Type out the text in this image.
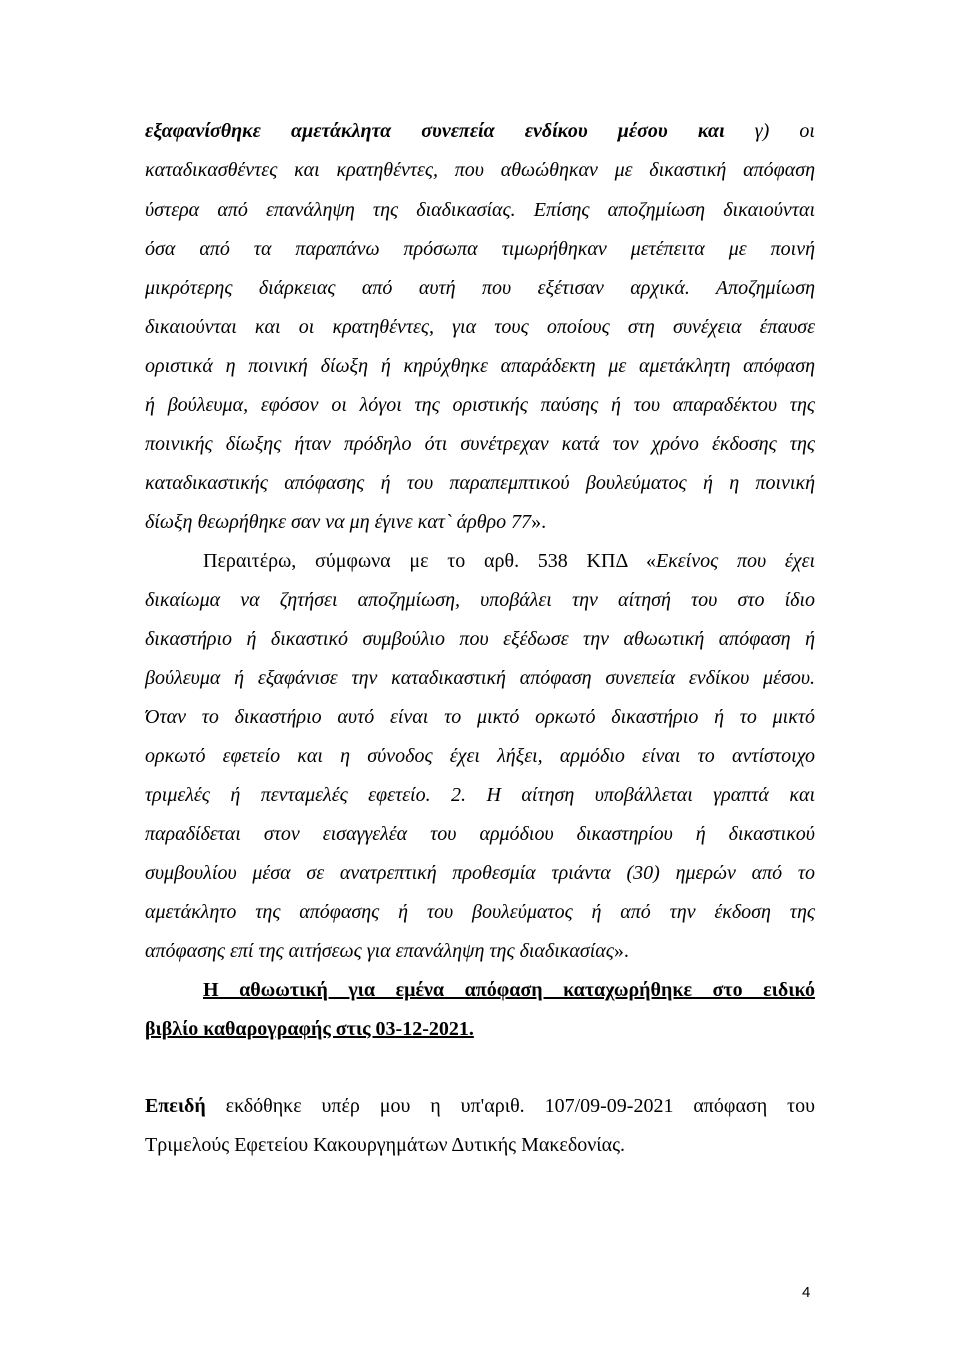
εξαφανίσθηκε αμετάκλητα συνεπεία ενδίκου μέσου και γ) οι
καταδικασθέντες και κρατηθέντες, που αθωώθηκαν με δικαστική απόφαση
ύστερα από επανάληψη της διαδικασίας. Επίσης αποζημίωση δικαιούνται
όσα από τα παραπάνω πρόσωπα τιμωρήθηκαν μετέπειτα με ποινή
μικρότερης διάρκειας από αυτή που εξέτισαν αρχικά. Αποζημίωση
δικαιούνται και οι κρατηθέντες, για τους οποίους στη συνέχεια έπαυσε
οριστικά η ποινική δίωξη ή κηρύχθηκε απαράδεκτη με αμετάκλητη απόφαση
ή βούλευμα, εφόσον οι λόγοι της οριστικής παύσης ή του απαραδέκτου της
ποινικής δίωξης ήταν πρόδηλο ότι συνέτρεχαν κατά τον χρόνο έκδοσης της
καταδικαστικής απόφασης ή του παραπεμπτικού βουλεύματος ή η ποινική
δίωξη θεωρήθηκε σαν να μη έγινε κατ` άρθρο 77».
Περαιτέρω, σύμφωνα με το αρθ. 538 ΚΠΔ «Εκείνος που έχει
δικαίωμα να ζητήσει αποζημίωση, υποβάλει την αίτησή του στο ίδιο
δικαστήριο ή δικαστικό συμβούλιο που εξέδωσε την αθωωτική απόφαση ή
βούλευμα ή εξαφάνισε την καταδικαστική απόφαση συνεπεία ενδίκου μέσου.
Όταν το δικαστήριο αυτό είναι το μικτό ορκωτό δικαστήριο ή το μικτό
ορκωτό εφετείο και η σύνοδος έχει λήξει, αρμόδιο είναι το αντίστοιχο
τριμελές ή πενταμελές εφετείο. 2. Η αίτηση υποβάλλεται γραπτά και
παραδίδεται στον εισαγγελέα του αρμόδιου δικαστηρίου ή δικαστικού
συμβουλίου μέσα σε ανατρεπτική προθεσμία τριάντα (30) ημερών από το
αμετάκλητο της απόφασης ή του βουλεύματος ή από την έκδοση της
απόφασης επί της αιτήσεως για επανάληψη της διαδικασίας».
Η αθωωτική για εμένα απόφαση καταχωρήθηκε στο ειδικό
βιβλίο καθαρογραφής στις 03-12-2021.
Επειδή εκδόθηκε υπέρ μου η υπ'αριθ. 107/09-09-2021 απόφαση του
Τριμελούς Εφετείου Κακουργημάτων Δυτικής Μακεδονίας.
4
